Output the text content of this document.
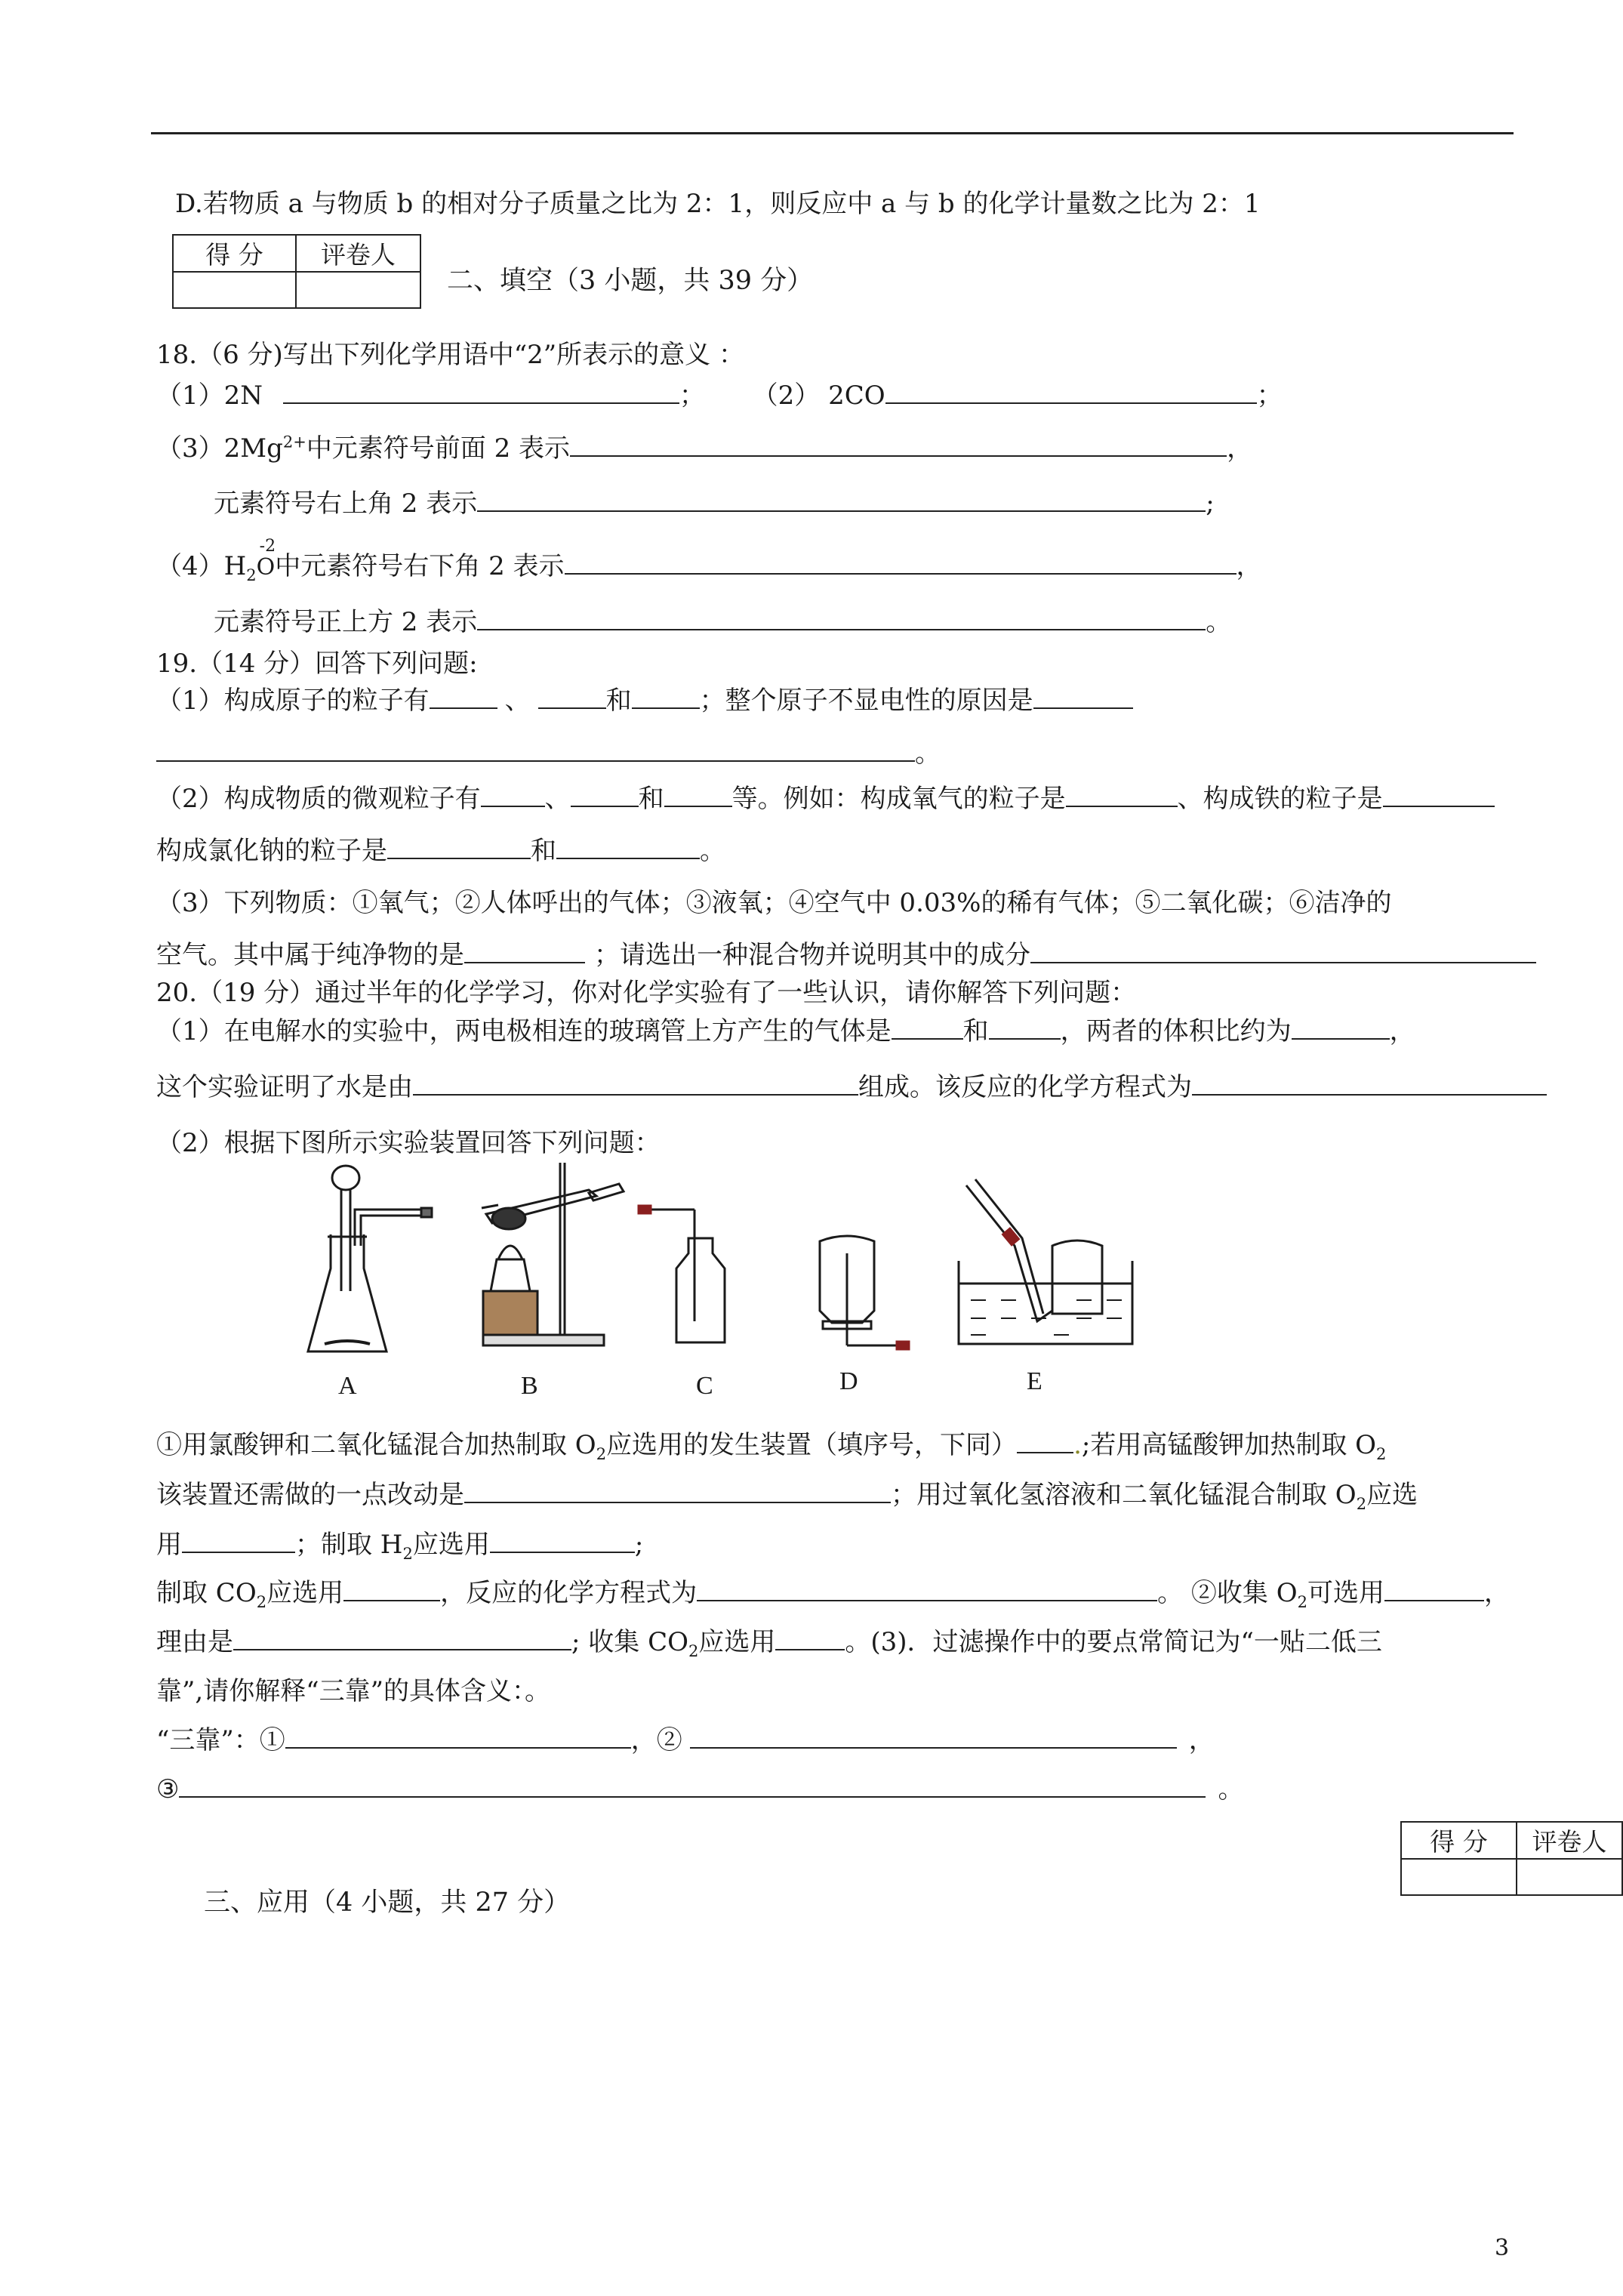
D.若物质 a 与物质 b 的相对分子质量之比为 2：1，则反应中 a 与 b 的化学计量数之比为 2：1
得 分	评卷人

二、填空（3 小题，共 39 分）
18.（6 分)写出下列化学用语中“2”所表示的意义 ：
（1）2N	； （2） 2CO	；
$(3)2Mg^{2+}$中元素符号前面 2 表示	，
元素符号右上角 2 表示	;
$(4)H_2$
-2
O中元素符号右下角 2 表示	，
元素符号正上方 2 表示	。
19.（14 分）回答下列问题:
（1）构成原子的粒子有	、	和	；整个原子不显电性的原因是
。
（2）构成物质的微观粒子有	、	和	等。例如：构成氧气的粒子是	、构成铁的粒子是
构成氯化钠的粒子是	和	。
（3）下列物质：①氧气；②人体呼出的气体；③液氧；④空气中 0.03%的稀有气体；⑤二氧化碳；⑥洁净的
空气。其中属于纯净物的是	；请选出一种混合物并说明其中的成分
20.（19 分）通过半年的化学学习，你对化学实验有了一些认识，请你解答下列问题：
（1）在电解水的实验中，两电极相连的玻璃管上方产生的气体是	和	，两者的体积比约为	，
这个实验证明了水是由	组成。该反应的化学方程式为
（2）根据下图所示实验装置回答下列问题：
A	B	C	D	E
①用氯酸钾和二氧化锰混合加热制取 $O_2$应选用的发生装置（填序号，下同） .;若用高锰酸钾加热制取 $O_2$
该装置还需做的一点改动是	；用过氧化氢溶液和二氧化锰混合制取 $O_2$应选
用	；制取 $H_2$应选用	;
制取 $CO_2$应选用	，反应的化学方程式为	。 ②收集 $O_2$可选用	，
理由是	; 收集 $CO_2$应选用	。(3)．过滤操作中的要点常简记为“一贴二低三
靠”,请你解释“三靠”的具体含义：。
“三靠”：①	，②	，
③	。
得 分	评卷人

三、应用（4 小题，共 27 分）
3
